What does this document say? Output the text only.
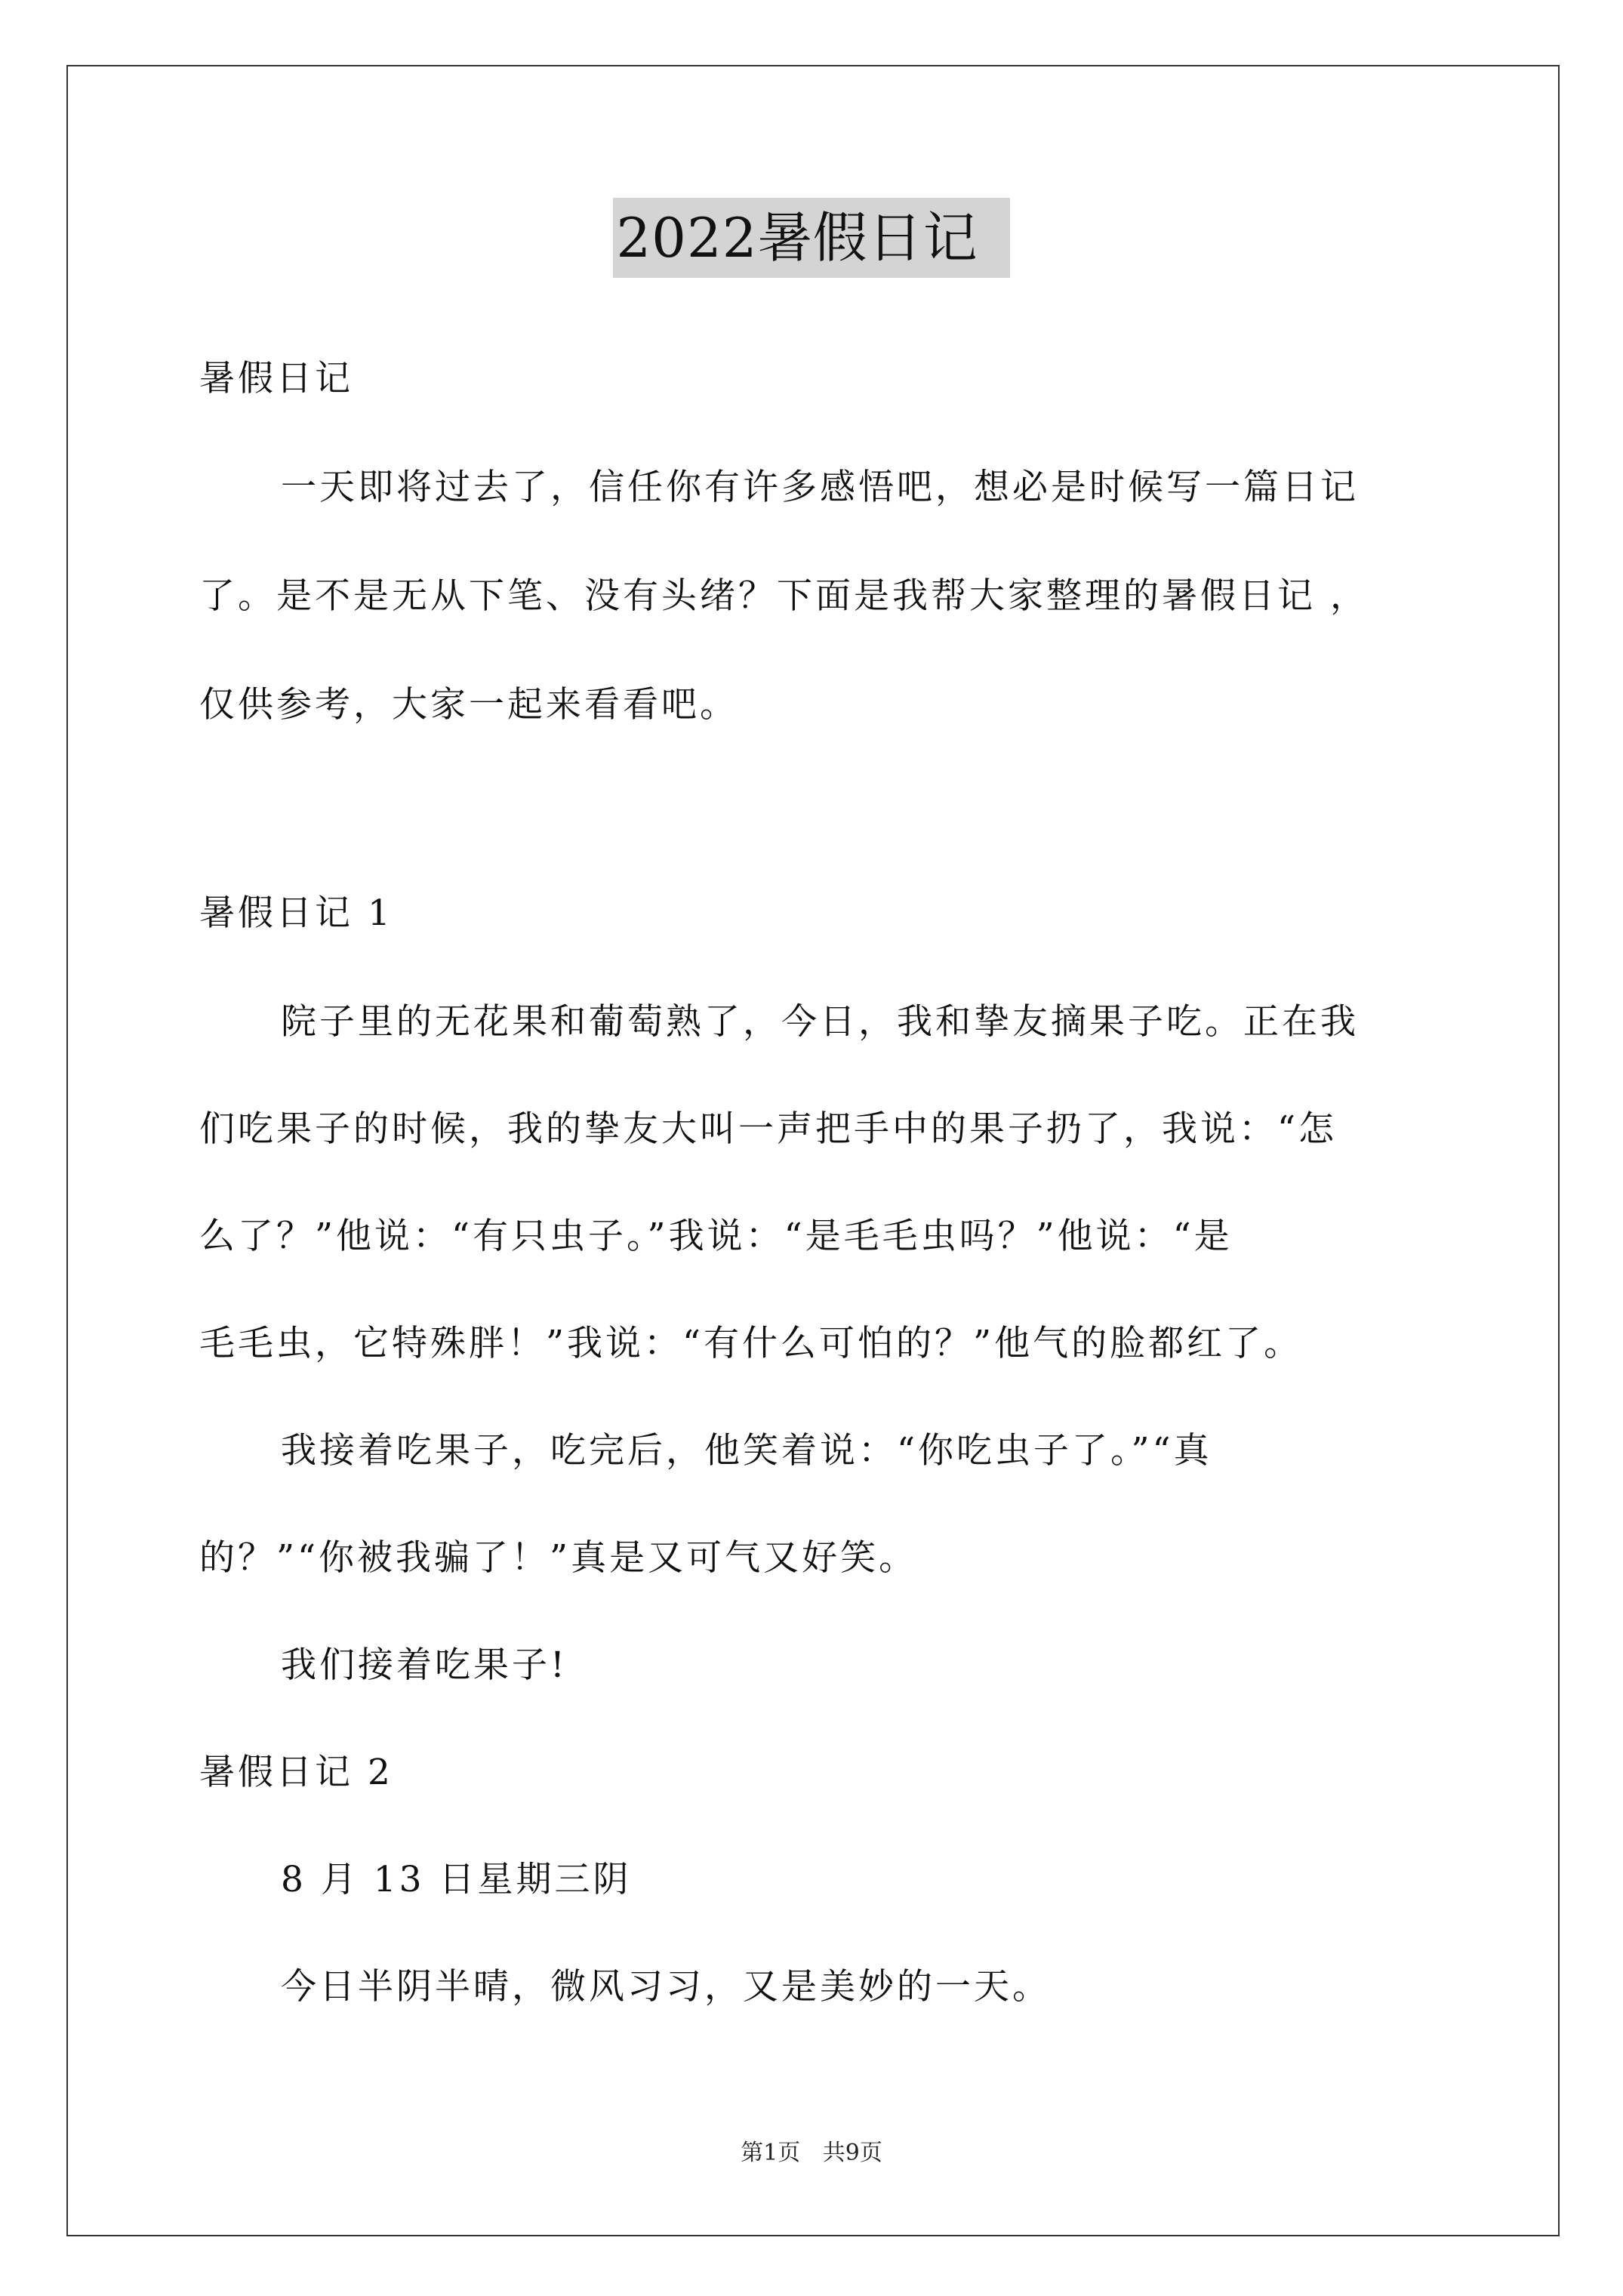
2022暑假日记
暑假日记
一天即将过去了，信任你有许多感悟吧，想必是时候写一篇日记
了。是不是无从下笔、没有头绪？下面是我帮大家整理的暑假日记 ，
仅供参考，大家一起来看看吧。
暑假日记 1
院子里的无花果和葡萄熟了，今日，我和挚友摘果子吃。正在我
们吃果子的时候，我的挚友大叫一声把手中的果子扔了，我说：“怎
么了？”他说：“有只虫子。”我说：“是毛毛虫吗？”他说：“是
毛毛虫，它特殊胖！”我说：“有什么可怕的？”他气的脸都红了。
我接着吃果子，吃完后，他笑着说：“你吃虫子了。”“真
的？”“你被我骗了！”真是又可气又好笑。
我们接着吃果子!
暑假日记 2
8 月 13 日星期三阴
今日半阴半晴，微风习习，又是美妙的一天。
第1页 共9页
